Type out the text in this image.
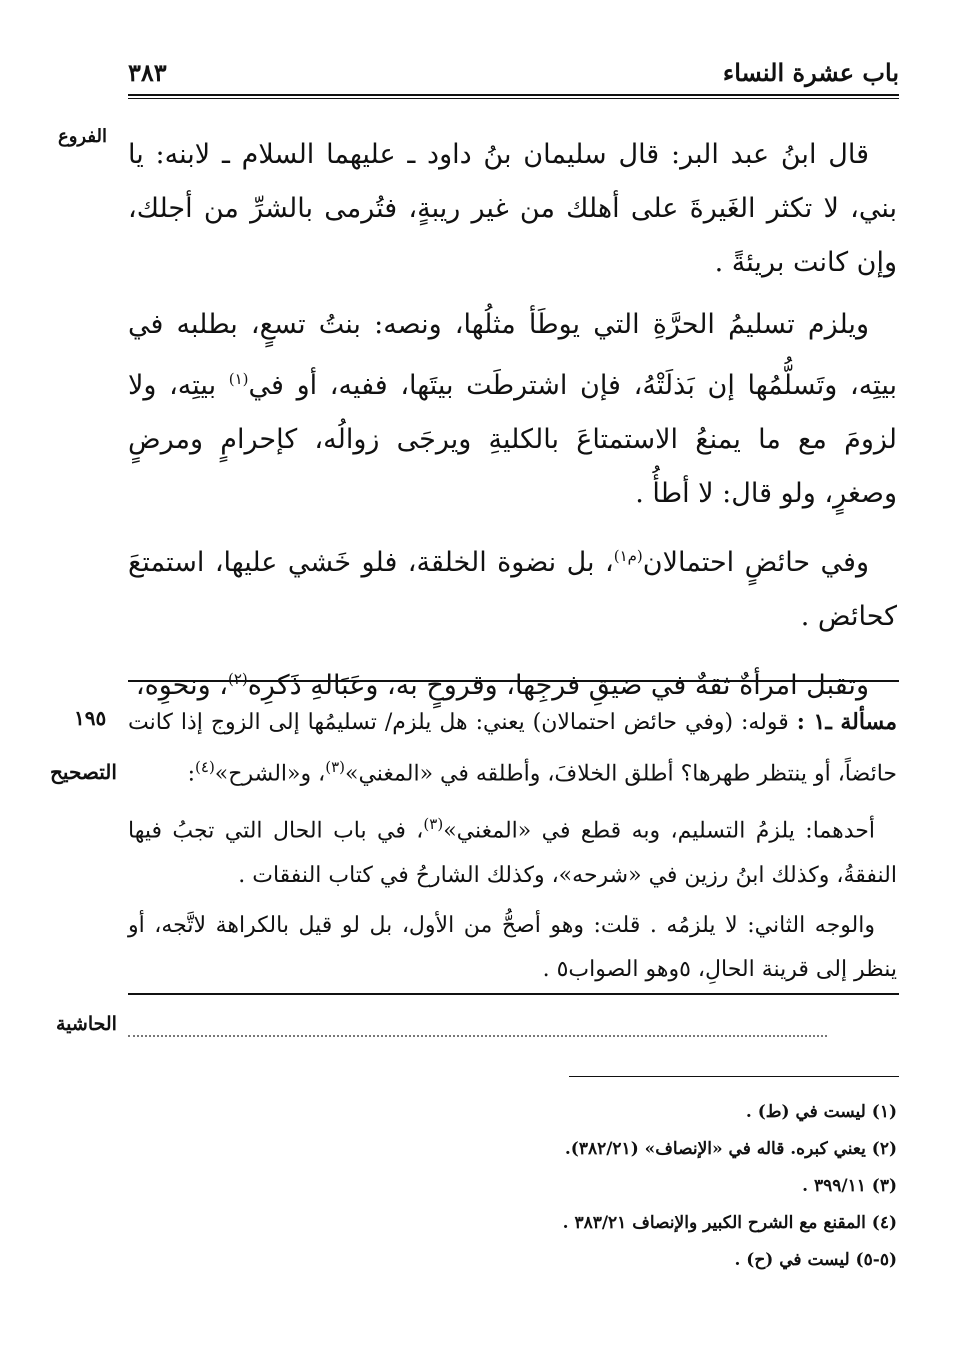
باب عشرة النساء
٣٨٣
الفروع
١٩٥
التصحيح
الحاشية

قال ابنُ عبد البر: قال سليمان بنُ داود ـ عليهما السلام ـ لابنه: يا بني، لا تكثر الغَيرةَ على أهلك من غير ريبةٍ، فتُرمى بالشرِّ من أجلك، وإن كانت بريئةً .

ويلزم تسليمُ الحرَّةِ التي يوطَأ مثلُها، ونصه: بنتُ تسعٍ، بطلبه في بيتِه، وتَسلُّمُها إن بَذلَتْهُ، فإن اشترطَت بيتَها، ففيه، أو في$^{(١)}$ بيتِه، ولا لزومَ مع ما يمنعُ الاستمتاعَ بالكليةِ ويرجَى زوالُه، كإحرامٍ ومرضٍ وصغرٍ، ولو قال: لا أطأُ .

وفي حائضٍ احتمالان$^{(م١)}$، بل نضوة الخلقة، فلو خَشي عليها، استمتعَ كحائض .

وتقبل امرأةٌ ثقةٌ في ضيقِ فرجِها، وقروحٍ به، وعَبَالةِ ذَكرِه$^{(٢)}$، ونحوِه،

مسألة ـ١ : قوله: (وفي حائض احتمالان) يعني: هل يلزم/ تسليمُها إلى الزوج إذا كانت حائضاً، أو ينتظر طهرها؟ أطلق الخلافَ، وأطلقه في «المغني»$^{(٣)}$، و«الشرح»$^{(٤)}$:

أحدهما: يلزمُ التسليم، وبه قطع في «المغني»$^{(٣)}$، في باب الحال التي تجبُ فيها النفقةُ، وكذلك ابنُ رزين في «شرحه»، وكذلك الشارحُ في كتاب النفقات .

والوجه الثاني: لا يلزمُه . قلت: وهو أصحُّ من الأول، بل لو قيل بالكراهة لاتَّجه، أو ينظر إلى قرينة الحالِ، ٥وهو الصواب٥ .

(١) ليست في (ط) .

(٢) يعني كبره. قاله في «الإنصاف» (٣٨٢/٢١).

(٣) ٣٩٩/١١ .

(٤) المقنع مع الشرح الكبير والإنصاف ٣٨٣/٢١ .

(٥-٥) ليست في (ح) .
